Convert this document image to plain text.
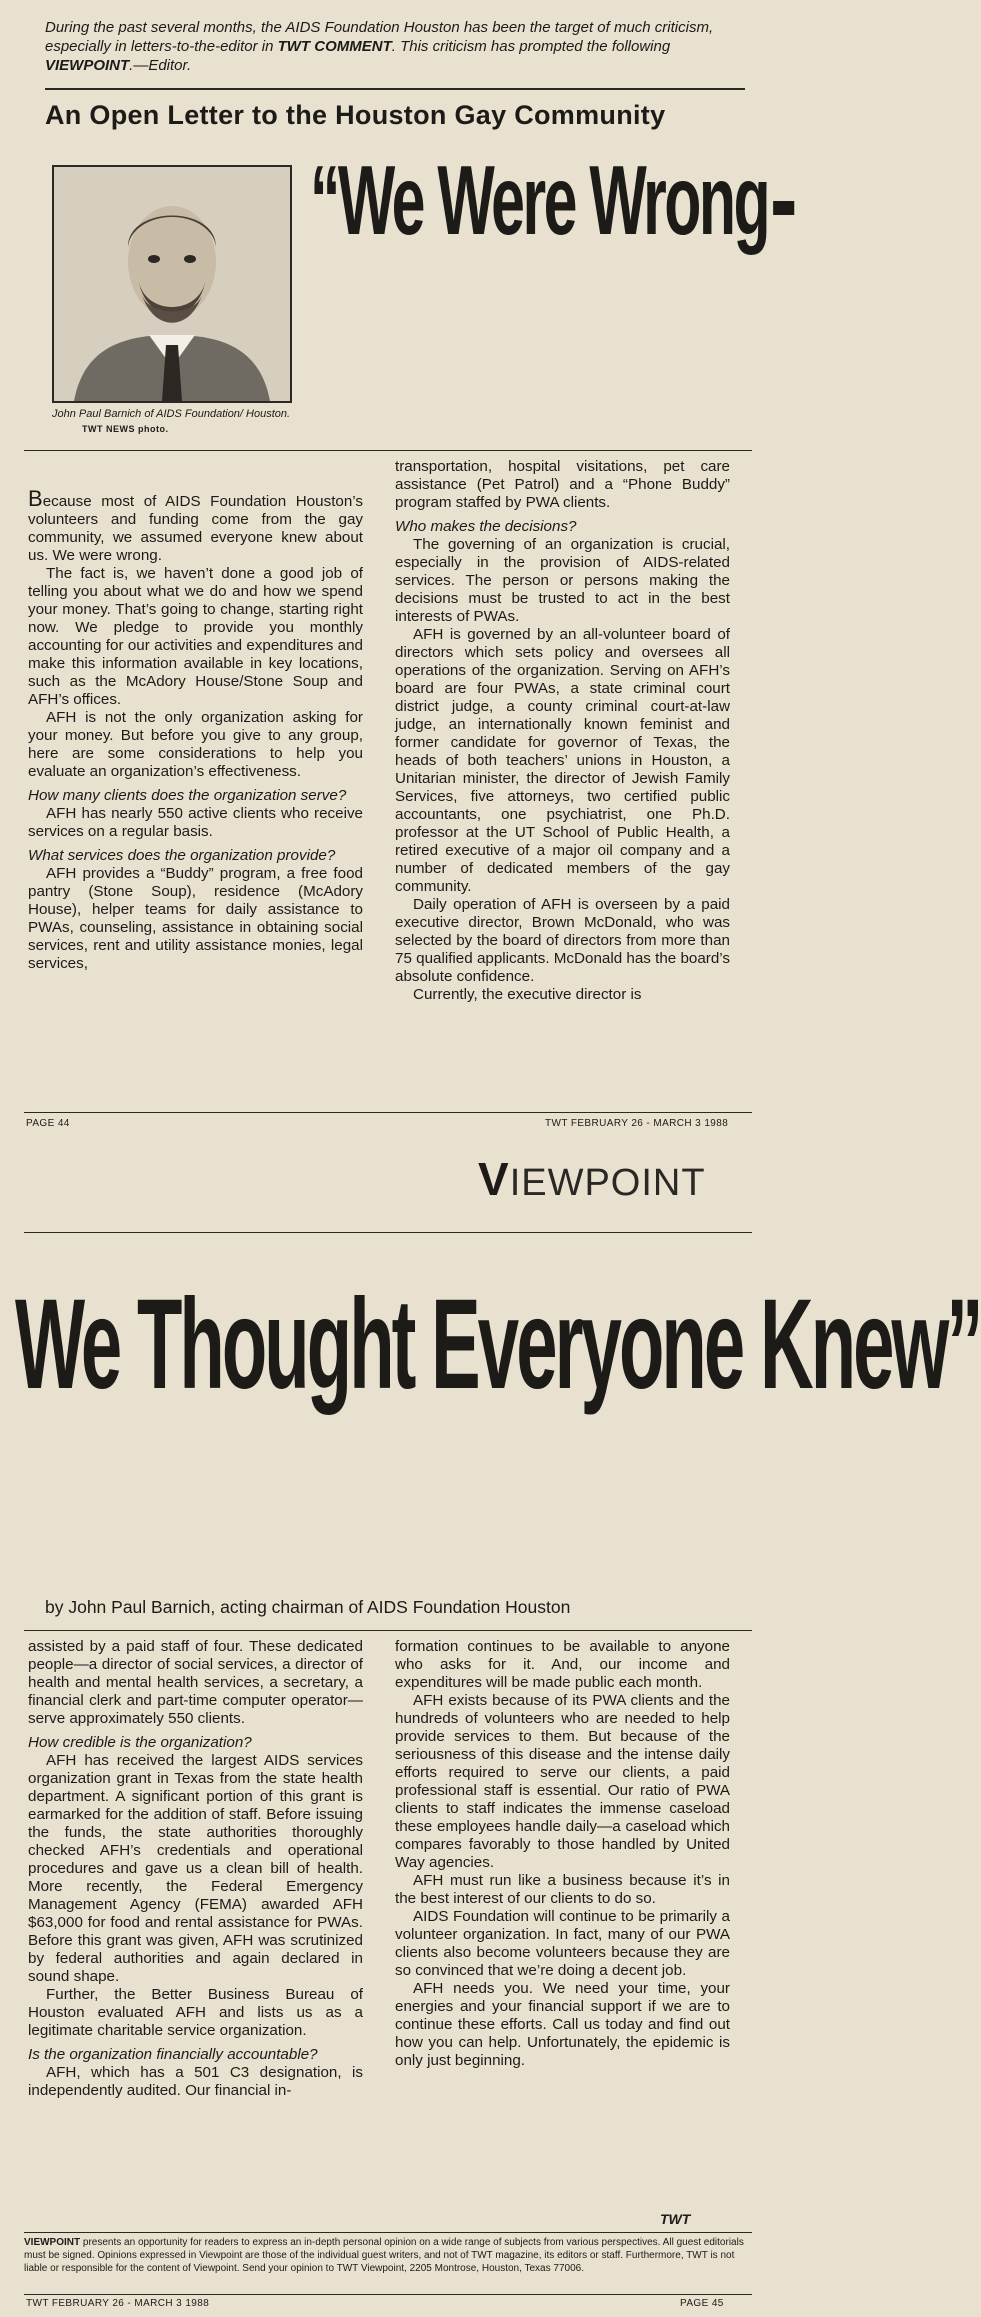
During the past several months, the AIDS Foundation Houston has been the target of much criticism, especially in letters-to-the-editor in TWT COMMENT. This criticism has prompted the following VIEWPOINT.—Editor.
An Open Letter to the Houston Gay Community
John Paul Barnich of AIDS Foundation/ Houston.TWT NEWS photo.
“We Were Wrong

Because most of AIDS Foundation Houston’s volunteers and funding come from the gay community, we assumed everyone knew about us. We were wrong.

The fact is, we haven’t done a good job of telling you about what we do and how we spend your money. That’s going to change, starting right now. We pledge to provide you monthly accounting for our activities and expenditures and make this information available in key locations, such as the McAdory House/Stone Soup and AFH’s offices.

AFH is not the only organization asking for your money. But before you give to any group, here are some considerations to help you evaluate an organization’s effectiveness.

How many clients does the organization serve?

AFH has nearly 550 active clients who receive services on a regular basis.

What services does the organization provide?

AFH provides a “Buddy” program, a free food pantry (Stone Soup), residence (McAdory House), helper teams for daily assistance to PWAs, counseling, assistance in obtaining social services, rent and utility assistance monies, legal services,

transportation, hospital visitations, pet care assistance (Pet Patrol) and a “Phone Buddy” program staffed by PWA clients.

Who makes the decisions?

The governing of an organization is crucial, especially in the provision of AIDS-related services. The person or persons making the decisions must be trusted to act in the best interests of PWAs.

AFH is governed by an all-volunteer board of directors which sets policy and oversees all operations of the organization. Serving on AFH’s board are four PWAs, a state criminal court district judge, a county criminal court-at-law judge, an internationally known feminist and former candidate for governor of Texas, the heads of both teachers’ unions in Houston, a Unitarian minister, the director of Jewish Family Services, five attorneys, two certified public accountants, one psychiatrist, one Ph.D. professor at the UT School of Public Health, a retired executive of a major oil company and a number of dedicated members of the gay community.

Daily operation of AFH is overseen by a paid executive director, Brown McDonald, who was selected by the board of directors from more than 75 qualified applicants. McDonald has the board’s absolute confidence.

Currently, the executive director is

PAGE 44	TWT FEBRUARY 26 - MARCH 3 1988
VIEWPOINT
We Thought Everyone Knew”
by John Paul Barnich, acting chairman of AIDS Foundation Houston

assisted by a paid staff of four. These dedicated people—a director of social services, a director of health and mental health services, a secretary, a financial clerk and part-time computer operator—serve approximately 550 clients.

How credible is the organization?

AFH has received the largest AIDS services organization grant in Texas from the state health department. A significant portion of this grant is earmarked for the addition of staff. Before issuing the funds, the state authorities thoroughly checked AFH’s credentials and operational procedures and gave us a clean bill of health. More recently, the Federal Emergency Management Agency (FEMA) awarded AFH $63,000 for food and rental assistance for PWAs. Before this grant was given, AFH was scrutinized by federal authorities and again declared in sound shape.

Further, the Better Business Bureau of Houston evaluated AFH and lists us as a legitimate charitable service organization.

Is the organization financially accountable?

AFH, which has a 501 C3 designation, is independently audited. Our financial in-

formation continues to be available to anyone who asks for it. And, our income and expenditures will be made public each month.

AFH exists because of its PWA clients and the hundreds of volunteers who are needed to help provide services to them. But because of the seriousness of this disease and the intense daily efforts required to serve our clients, a paid professional staff is essential. Our ratio of PWA clients to staff indicates the immense caseload these employees handle daily—a caseload which compares favorably to those handled by United Way agencies.

AFH must run like a business because it’s in the best interest of our clients to do so.

AIDS Foundation will continue to be primarily a volunteer organization. In fact, many of our PWA clients also become volunteers because they are so convinced that we’re doing a decent job.

AFH needs you. We need your time, your energies and your financial support if we are to continue these efforts. Call us today and find out how you can help. Unfortunately, the epidemic is only just beginning.

TWT
VIEWPOINT presents an opportunity for readers to express an in-depth personal opinion on a wide range of subjects from various perspectives. All guest editorials must be signed. Opinions expressed in Viewpoint are those of the individual guest writers, and not of TWT magazine, its editors or staff. Furthermore, TWT is not liable or responsible for the content of Viewpoint. Send your opinion to TWT Viewpoint, 2205 Montrose, Houston, Texas 77006.
TWT FEBRUARY 26 - MARCH 3 1988	PAGE 45
